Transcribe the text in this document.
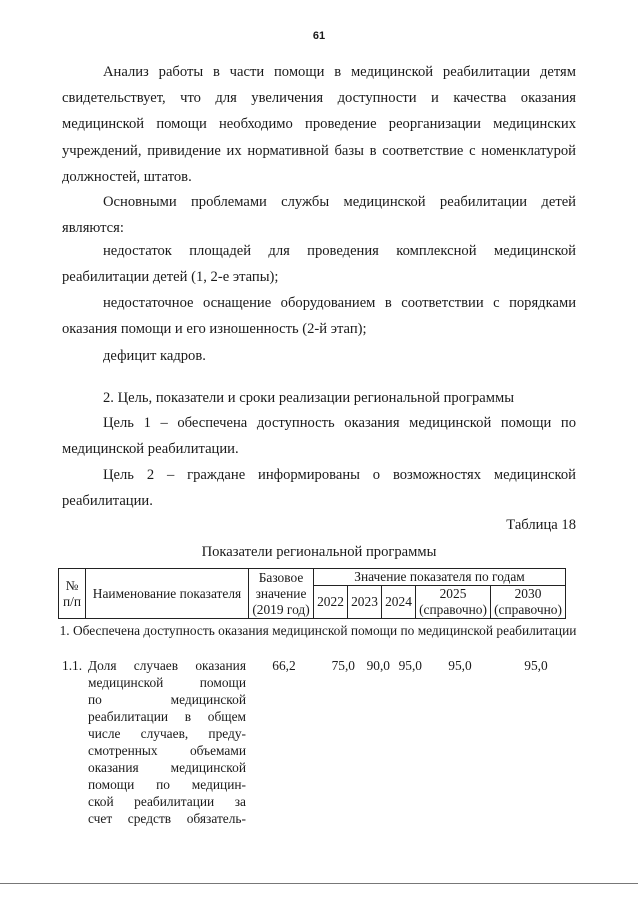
61

Анализ работы в части помощи в медицинской реабилитации детям
свидетельствует, что для увеличения доступности и качества оказания
медицинской помощи необходимо проведение реорганизации медицинских
учреждений, привидение их нормативной базы в соответствие с номенклатурой
должностей, штатов.

Основными проблемами службы медицинской реабилитации детей
являются:

недостаток площадей для проведения комплексной медицинской
реабилитации детей (1, 2-е этапы);

недостаточное оснащение оборудованием в соответствии с порядками
оказания помощи и его изношенность (2-й этап);

дефицит кадров.

2. Цель, показатели и сроки реализации региональной программы

Цель 1 – обеспечена доступность оказания медицинской помощи по
медицинской реабилитации.

Цель 2 – граждане информированы о возможностях медицинской
реабилитации.

Таблица 18
Показатели региональной программы
№ п/п	Наименование показателя	Базовое значение (2019 год)	Значение показателя по годам				
			2022	2023	2024	2025 (справочно)	2030 (справочно)
1. Обеспечена доступность оказания медицинской помощи по медицинской реабилитации
1.1. Доля случаев оказания
медицинской помощи
по медицинской
реабилитации в общем
числе случаев, преду-
смотренных объемами
оказания медицинской
помощи по медицин-
ской реабилитации за
счет средств обязатель-
66,2	75,0 90,0 95,0	95,0	95,0
